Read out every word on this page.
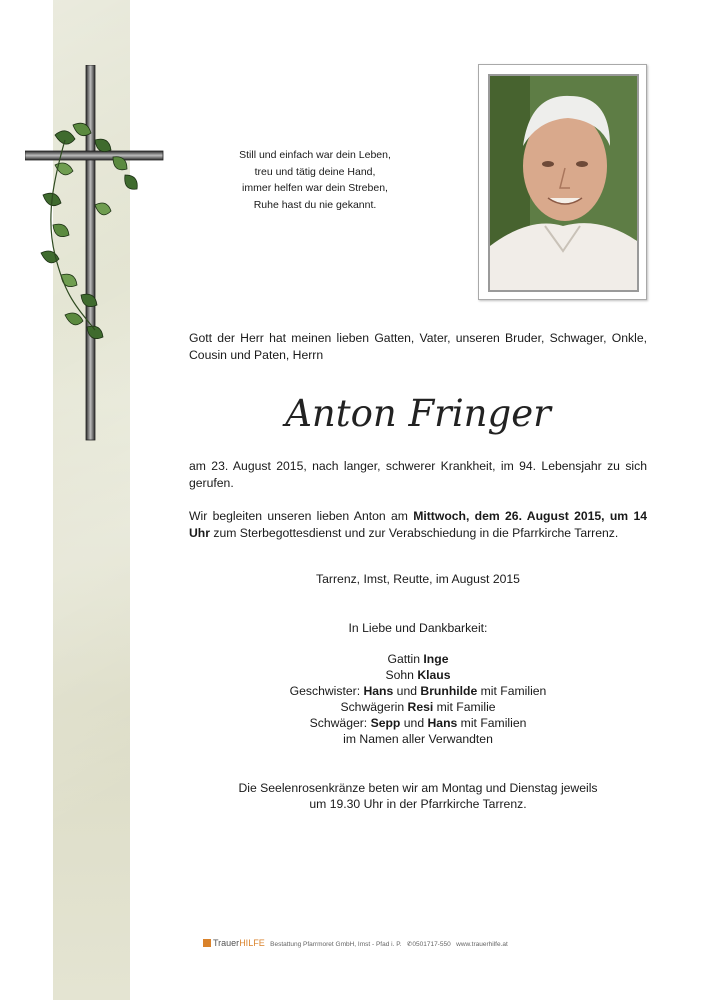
Still und einfach war dein Leben,
treu und tätig deine Hand,
immer helfen war dein Streben,
Ruhe hast du nie gekannt.
Gott der Herr hat meinen lieben Gatten, Vater, unseren Bruder, Schwager, Onkle, Cousin und Paten, Herrn
Anton Fringer
am 23. August 2015, nach langer, schwerer Krankheit, im 94. Lebensjahr zu sich gerufen.
Wir begleiten unseren lieben Anton am Mittwoch, dem 26. August 2015, um 14 Uhr zum Sterbegottesdienst und zur Verabschiedung in die Pfarrkirche Tarrenz.
Tarrenz, Imst, Reutte, im August 2015
In Liebe und Dankbarkeit:
Gattin Inge
Sohn Klaus
Geschwister: Hans und Brunhilde mit Familien
Schwägerin Resi mit Familie
Schwäger: Sepp und Hans mit Familien
im Namen aller Verwandten
Die Seelenrosenkränze beten wir am Montag und Dienstag jeweils
um 19.30 Uhr in der Pfarrkirche Tarrenz.
TrauerHILFE Bestattung Pfarrmoret GmbH, Imst - Pfad i. P. ✆0501717-550 www.trauerhilfe.at
